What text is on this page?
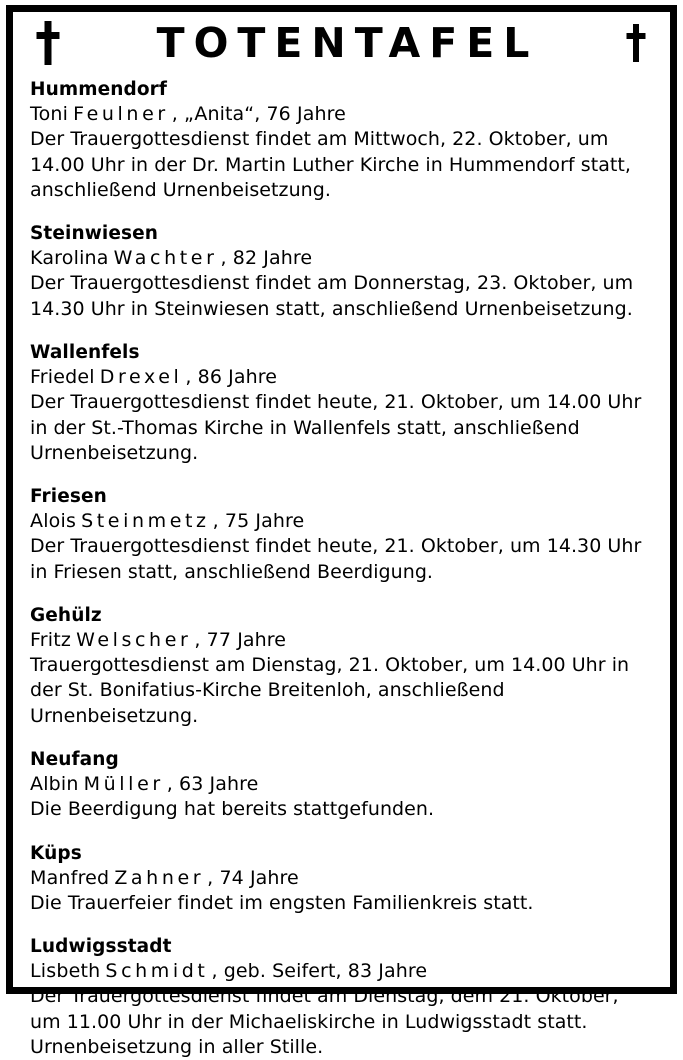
TOTENTAFEL
Hummendorf
Toni Feulner , „Anita“, 76 Jahre
Der Trauergottesdienst findet am Mittwoch, 22. Oktober, um 14.00 Uhr in der Dr. Martin Luther Kirche in Hummendorf statt, anschließend Urnenbeisetzung.
Steinwiesen
Karolina Wachter , 82 Jahre
Der Trauergottesdienst findet am Donnerstag, 23. Oktober, um 14.30 Uhr in Steinwiesen statt, anschließend Urnenbeisetzung.
Wallenfels
Friedel Drexel , 86 Jahre
Der Trauergottesdienst findet heute, 21. Oktober, um 14.00 Uhr in der St.-Thomas Kirche in Wallenfels statt, anschließend Urnenbeisetzung.
Friesen
Alois Steinmetz , 75 Jahre
Der Trauergottesdienst findet heute, 21. Oktober, um 14.30 Uhr in Friesen statt, anschließend Beerdigung.
Gehülz
Fritz Welscher , 77 Jahre
Trauergottesdienst am Dienstag, 21. Oktober, um 14.00 Uhr in der St. Bonifatius-Kirche Breitenloh, anschließend Urnenbeisetzung.
Neufang
Albin Müller , 63 Jahre
Die Beerdigung hat bereits stattgefunden.
Küps
Manfred Zahner , 74 Jahre
Die Trauerfeier findet im engsten Familienkreis statt.
Ludwigsstadt
Lisbeth Schmidt , geb. Seifert, 83 Jahre
Der Trauergottesdienst findet am Dienstag, dem 21. Oktober, um 11.00 Uhr in der Michaeliskirche in Ludwigsstadt statt. Urnenbeisetzung in aller Stille.
